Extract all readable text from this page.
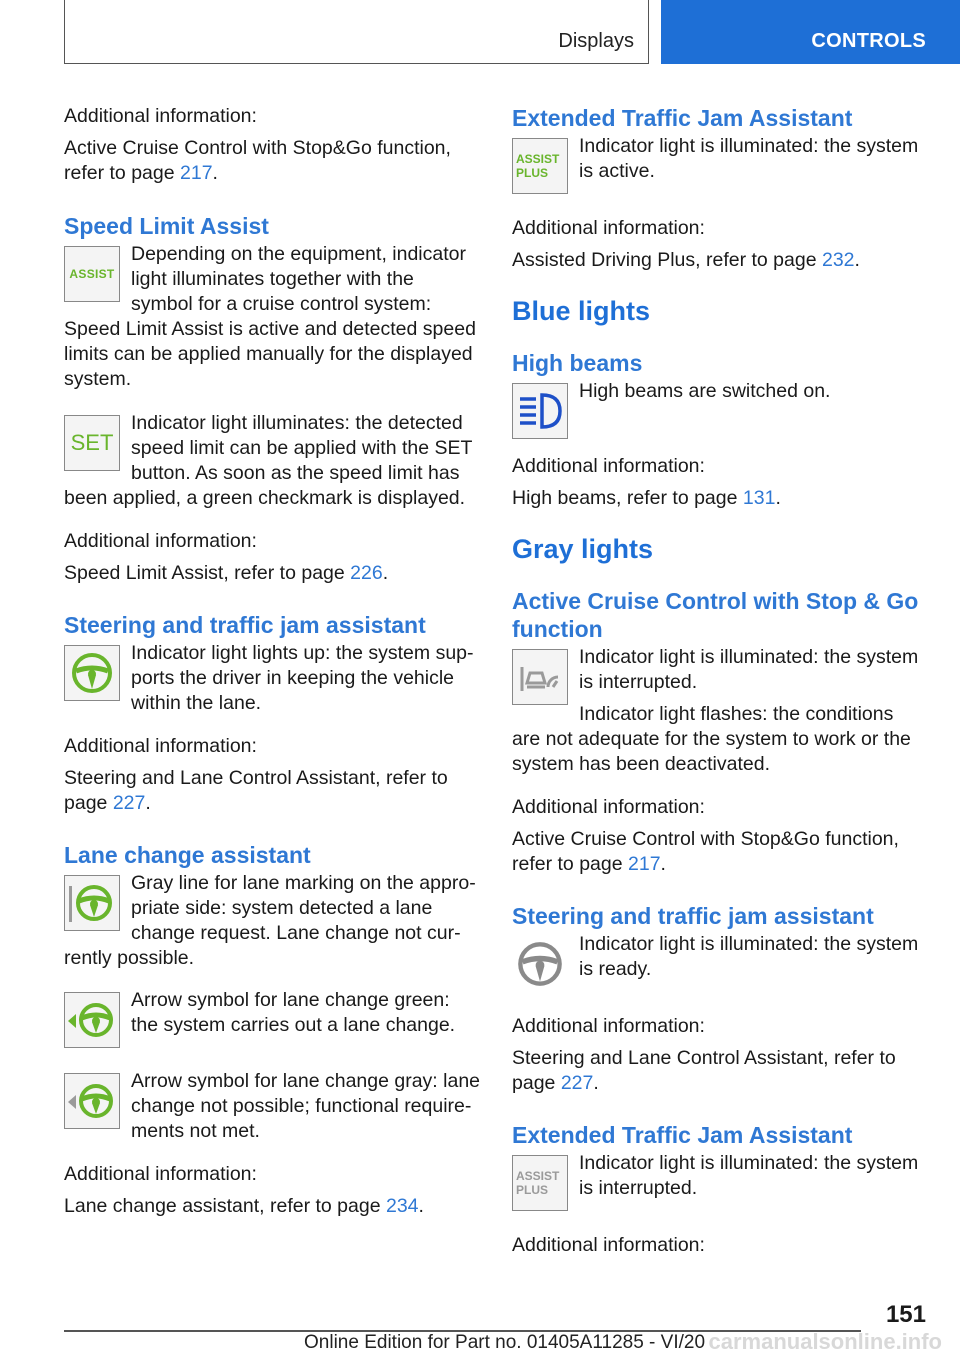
Displays	CONTROLS

Additional information:

Active Cruise Control with Stop&Go function, refer to page 217.

Speed Limit Assist
ASSIST

Depending on the equipment, indicator light illuminates together with the symbol for a cruise control system: Speed Limit Assist is active and detected speed limits can be applied manually for the displayed system.

SET

Indicator light illuminates: the detected speed limit can be applied with the SET button. As soon as the speed limit has been applied, a green checkmark is displayed.

Additional information:

Speed Limit Assist, refer to page 226.

Steering and traffic jam assistant

Indicator light lights up: the system supports the driver in keeping the vehicle within the lane.

Additional information:

Steering and Lane Control Assistant, refer to page 227.

Lane change assistant

Gray line for lane marking on the appropriate side: system detected a lane change request. Lane change not currently possible.

Arrow symbol for lane change green: the system carries out a lane change.

Arrow symbol for lane change gray: lane change not possible; functional requirements not met.

Additional information:

Lane change assistant, refer to page 234.

Extended Traffic Jam Assistant
ASSIST
PLUS

Indicator light is illuminated: the system is active.

Additional information:

Assisted Driving Plus, refer to page 232.

Blue lights
High beams

High beams are switched on.

Additional information:

High beams, refer to page 131.

Gray lights
Active Cruise Control with Stop & Go function

Indicator light is illuminated: the system is interrupted.

Indicator light flashes: the conditions are not adequate for the system to work or the system has been deactivated.

Additional information:

Active Cruise Control with Stop&Go function, refer to page 217.

Steering and traffic jam assistant

Indicator light is illuminated: the system is ready.

Additional information:

Steering and Lane Control Assistant, refer to page 227.

Extended Traffic Jam Assistant
ASSIST
PLUS

Indicator light is illuminated: the system is interrupted.

Additional information:

151
Online Edition for Part no. 01405A11285 - VI/20 carmanualsonline.info
